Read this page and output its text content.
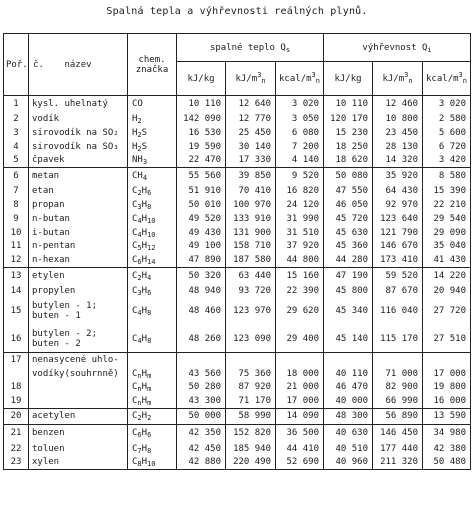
Spalná tepla a výhřevnosti reálných plynů.
Poř. č.	název	chem. značka	spalné teplo $Q_s$			výhřevnost $Q_i$
			kJ/kg	$kJ/m^3_n$	kcal/$m^3_n$	kJ/kg	$kJ/m^3_n$	kcal/$m^3_n$
1	kysl. uhelnatý	CO	10 110	12 640	3 020	10 110	12 460	3 020
2	vodík	$H_2$	142 090	12 770	3 050	120 170	10 800	2 580
3	sirovodík na SO₂	$H_2S$	16 530	25 450	6 080	15 230	23 450	5 600
4	sirovodík na SO₃	$H_2S$	19 590	30 140	7 200	18 250	28 130	6 720
5	čpavek	$NH_3$	22 470	17 330	4 140	18 620	14 320	3 420
6	metan	$CH_4$	55 560	39 850	9 520	50 080	35 920	8 580
7	etan	$C_2H_6$	51 910	70 410	16 820	47 550	64 430	15 390
8	propan	$C_3H_8$	50 010	100 970	24 120	46 050	92 970	22 210
9	n-butan	$C_4H_{10}$	49 520	133 910	31 990	45 720	123 640	29 540
10	i-butan	$C_4H_{10}$	49 430	131 900	31 510	45 630	121 790	29 090
11	n-pentan	$C_5H_{12}$	49 100	158 710	37 920	45 360	146 670	35 040
12	n-hexan	$C_6H_{14}$	47 890	187 580	44 800	44 280	173 410	41 430
13	etylen	$C_2H_4$	50 320	63 440	15 160	47 190	59 520	14 220
14	propylen	$C_3H_6$	48 940	93 720	22 390	45 800	87 670	20 940
15	butylen - 1;
buten - 1	$C_4H_8$	48 460	123 970	29 620	45 340	116 040	27 720
16	butylen - 2;
buten - 2	$C_4H_8$	48 260	123 090	29 400	45 140	115 170	27 510
17	nenasycené uhlo-							
	vodíky(souhrnně)	$C_nH_m$	43 560	75 360	18 000	40 110	71 000	17 000
18		$C_nH_m$	50 280	87 920	21 000	46 470	82 900	19 800
19		$C_nH_m$	43 300	71 170	17 000	40 000	66 990	16 000
20	acetylen	$C_2H_2$	50 000	58 990	14 090	48 300	56 890	13 590
21	benzen	$C_6H_6$	42 350	152 820	36 500	40 630	146 450	34 980
22	toluen	$C_7H_8$	42 450	185 940	44 410	40 510	177 440	42 380
23	xylen	$C_8H_{10}$	42 880	220 490	52 690	40 960	211 320	50 480
